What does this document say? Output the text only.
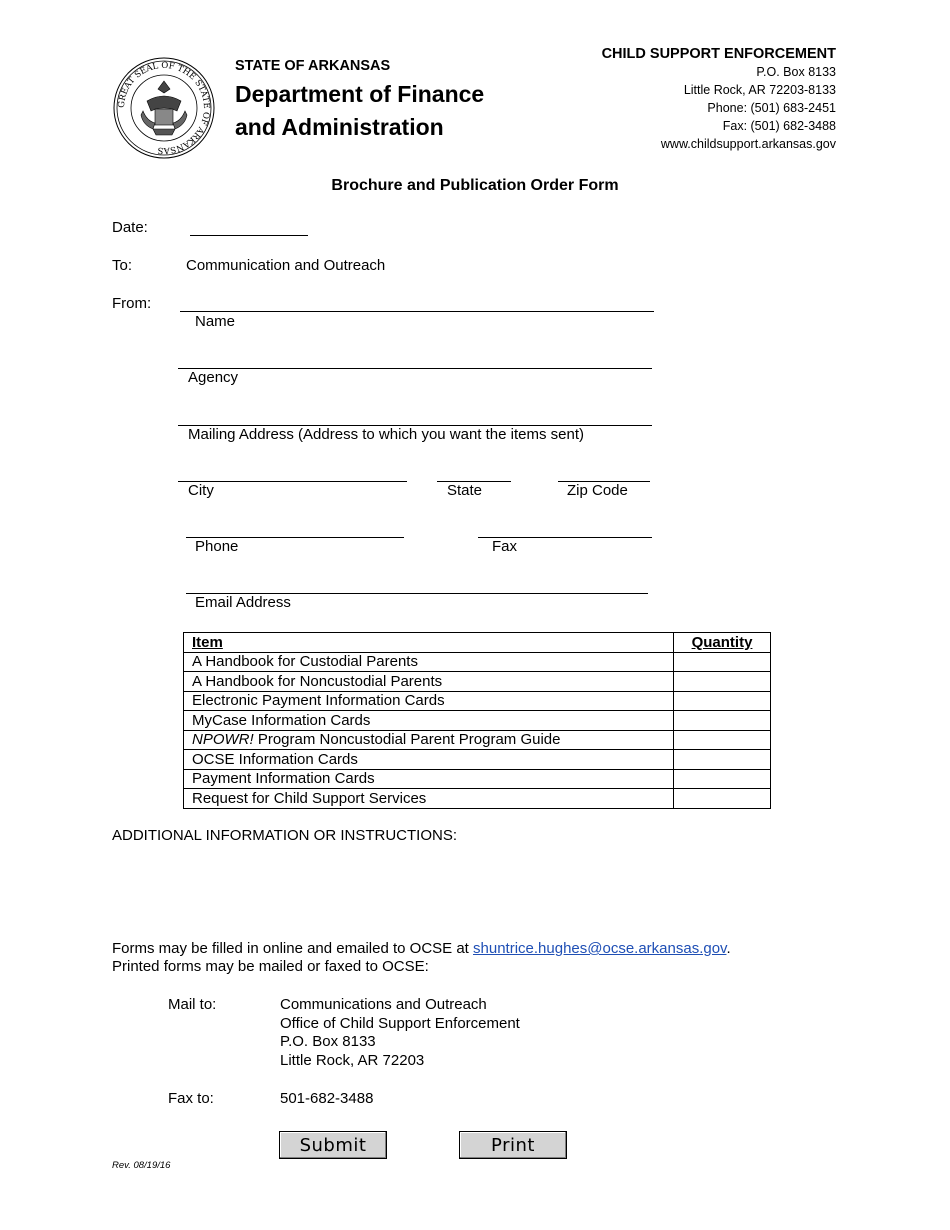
GREAT SEAL OF THE STATE OF ARKANSAS
STATE OF ARKANSAS
Department of Finance
and Administration
CHILD SUPPORT ENFORCEMENT
P.O. Box 8133
Little Rock, AR 72203-8133
Phone: (501) 683-2451
Fax: (501) 682-3488
www.childsupport.arkansas.gov
Brochure and Publication Order Form
Date:
To:	Communication and Outreach
From:
Name
Agency
Mailing Address (Address to which you want the items sent)
City	State	Zip Code
Phone	Fax
Email Address
Item	Quantity
A Handbook for Custodial Parents	
A Handbook for Noncustodial Parents	
Electronic Payment Information Cards	
MyCase Information Cards	
NPOWR! Program Noncustodial Parent Program Guide	
OCSE Information Cards	
Payment Information Cards	
Request for Child Support Services	
ADDITIONAL INFORMATION OR INSTRUCTIONS:
Forms may be filled in online and emailed to OCSE at shuntrice.hughes@ocse.arkansas.gov.
Printed forms may be mailed or faxed to OCSE:
Mail to:	Communications and Outreach
Office of Child Support Enforcement
P.O. Box 8133
Little Rock, AR 72203
Fax to:	501-682-3488
Submit	Print
Rev. 08/19/16
